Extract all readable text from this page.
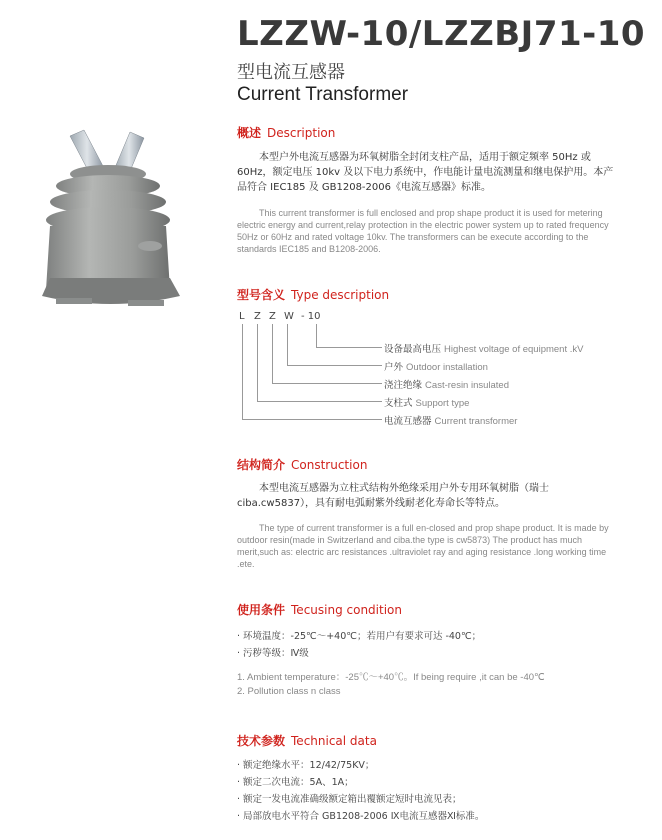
LZZW-10/LZZBJ71-10
型电流互感器
Current Transformer
概述 Description
本型户外电流互感器为环氧树脂全封闭支柱产品，适用于额定频率 50Hz 或 60Hz，额定电压 10kv 及以下电力系统中，作电能计量电流测量和继电保护用。本产品符合 IEC185 及 GB1208-2006《电流互感器》标准。
This current transformer is full enclosed and prop shape product it is used for metering electric energy and current,relay protection in the electric power system up to rated frequency 50Hz or 60Hz and rated voltage 10kv. The transformers can be execute according to the standards IEC185 and B1208-2006.
型号含义 Type description
L Z Z W - 10
设备最高电压 Highest voltage of equipment .kV
户外 Outdoor installation
浇注绝缘 Cast-resin insulated
支柱式 Support type
电流互感器 Current transformer
结构简介 Construction
本型电流互感器为立柱式结构外绝缘采用户外专用环氧树脂（瑞士 ciba.cw5837），具有耐电弧耐紫外线耐老化寿命长等特点。
The type of current transformer is a full en-closed and prop shape product. It is made by outdoor resin(made in Switzerland and ciba.the type is cw5873) The product has much merit,such as: electric arc resistances .ultraviolet ray and aging resistance .long working time .ete.
使用条件 Tecusing condition
· 环境温度：-25℃～+40℃；若用户有要求可达 -40℃；
· 污秽等级：Ⅳ级
1. Ambient temperature：-25℃～+40℃。If being require ,it can be -40℃
2. Pollution class n class
技术参数 Technical data
· 额定绝缘水平：12/42/75KV；
· 额定二次电流：5A、1A；
· 额定一发电流准确级额定箱出覆额定短时电流见表；
· 局部放电水平符合 GB1208-2006 Ⅸ电流互感器Ⅺ标准。
